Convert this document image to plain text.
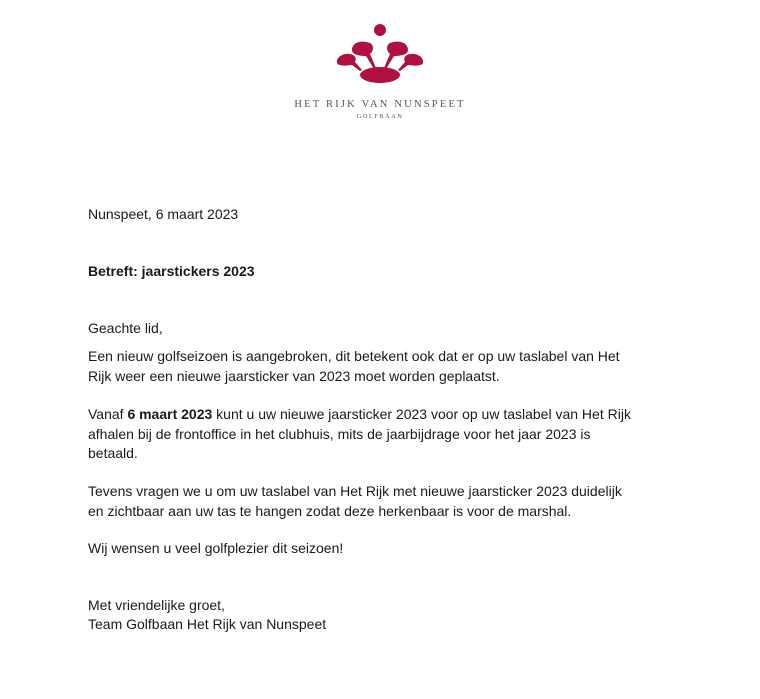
HET RIJK VAN NUNSPEET
GOLFBAAN
Nunspeet, 6 maart 2023
Betreft: jaarstickers 2023
Geachte lid,
Een nieuw golfseizoen is aangebroken, dit betekent ook dat er op uw taslabel van Het
Rijk weer een nieuwe jaarsticker van 2023 moet worden geplaatst.
Vanaf 6 maart 2023 kunt u uw nieuwe jaarsticker 2023 voor op uw taslabel van Het Rijk
afhalen bij de frontoffice in het clubhuis, mits de jaarbijdrage voor het jaar 2023 is
betaald.
Tevens vragen we u om uw taslabel van Het Rijk met nieuwe jaarsticker 2023 duidelijk
en zichtbaar aan uw tas te hangen zodat deze herkenbaar is voor de marshal.
Wij wensen u veel golfplezier dit seizoen!
Met vriendelijke groet,
Team Golfbaan Het Rijk van Nunspeet
